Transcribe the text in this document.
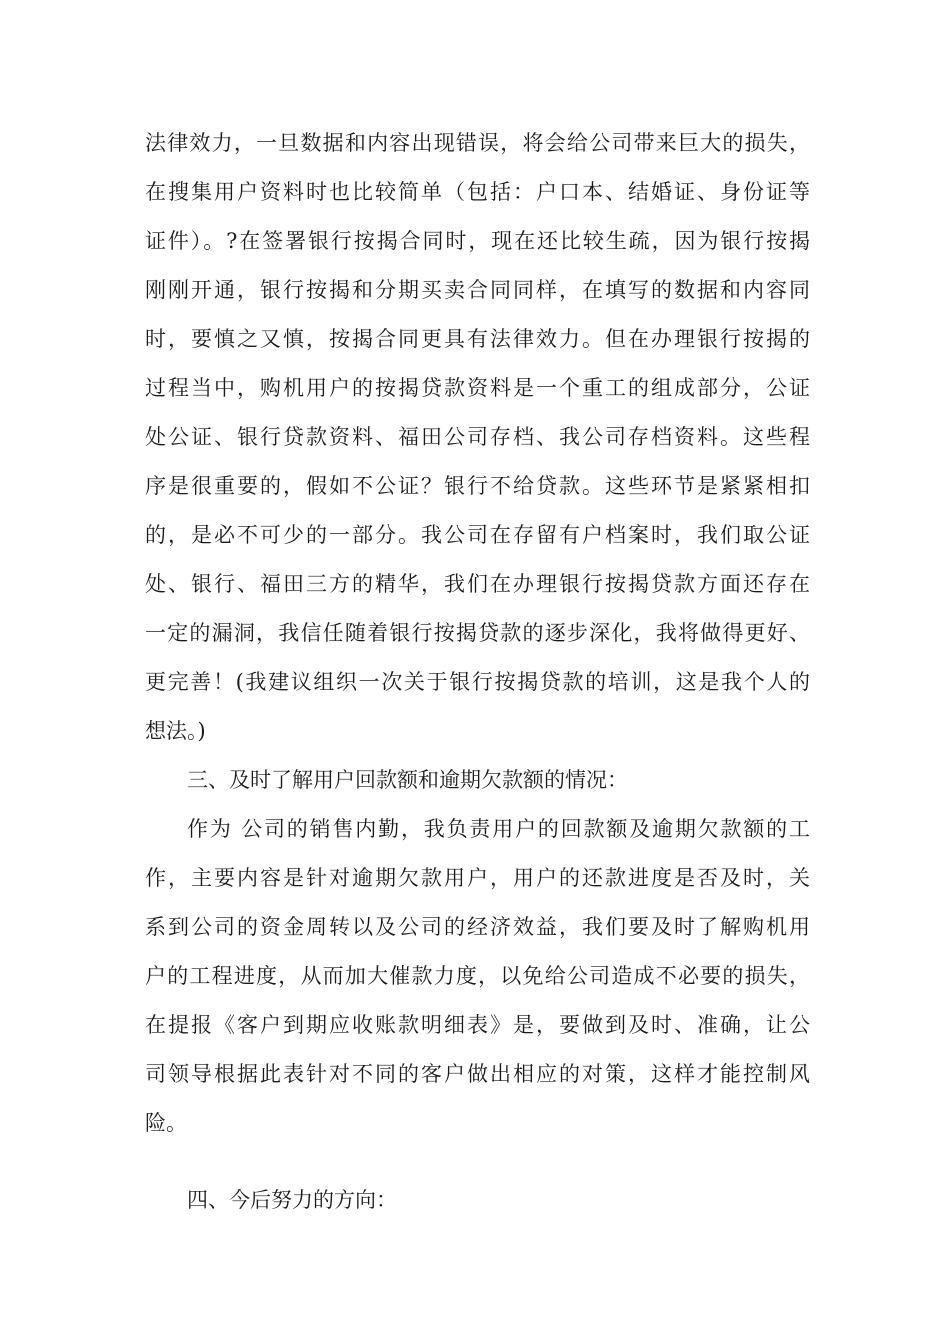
法律效力，一旦数据和内容出现错误，将会给公司带来巨大的损失，
在搜集用户资料时也比较简单（包括：户口本、结婚证、身份证等
证件）。?在签署银行按揭合同时，现在还比较生疏，因为银行按揭
刚刚开通，银行按揭和分期买卖合同同样，在填写的数据和内容同
时，要慎之又慎，按揭合同更具有法律效力。但在办理银行按揭的
过程当中，购机用户的按揭贷款资料是一个重工的组成部分，公证
处公证、银行贷款资料、福田公司存档、我公司存档资料。这些程
序是很重要的，假如不公证？银行不给贷款。这些环节是紧紧相扣
的，是必不可少的一部分。我公司在存留有户档案时，我们取公证
处、银行、福田三方的精华，我们在办理银行按揭贷款方面还存在
一定的漏洞，我信任随着银行按揭贷款的逐步深化，我将做得更好、
更完善！(我建议组织一次关于银行按揭贷款的培训，这是我个人的
想法。)
三、及时了解用户回款额和逾期欠款额的情况：
作为 公司的销售内勤，我负责用户的回款额及逾期欠款额的工
作，主要内容是针对逾期欠款用户，用户的还款进度是否及时，关
系到公司的资金周转以及公司的经济效益，我们要及时了解购机用
户的工程进度，从而加大催款力度，以免给公司造成不必要的损失，
在提报《客户到期应收账款明细表》是，要做到及时、准确，让公
司领导根据此表针对不同的客户做出相应的对策，这样才能控制风
险。
四、今后努力的方向：
